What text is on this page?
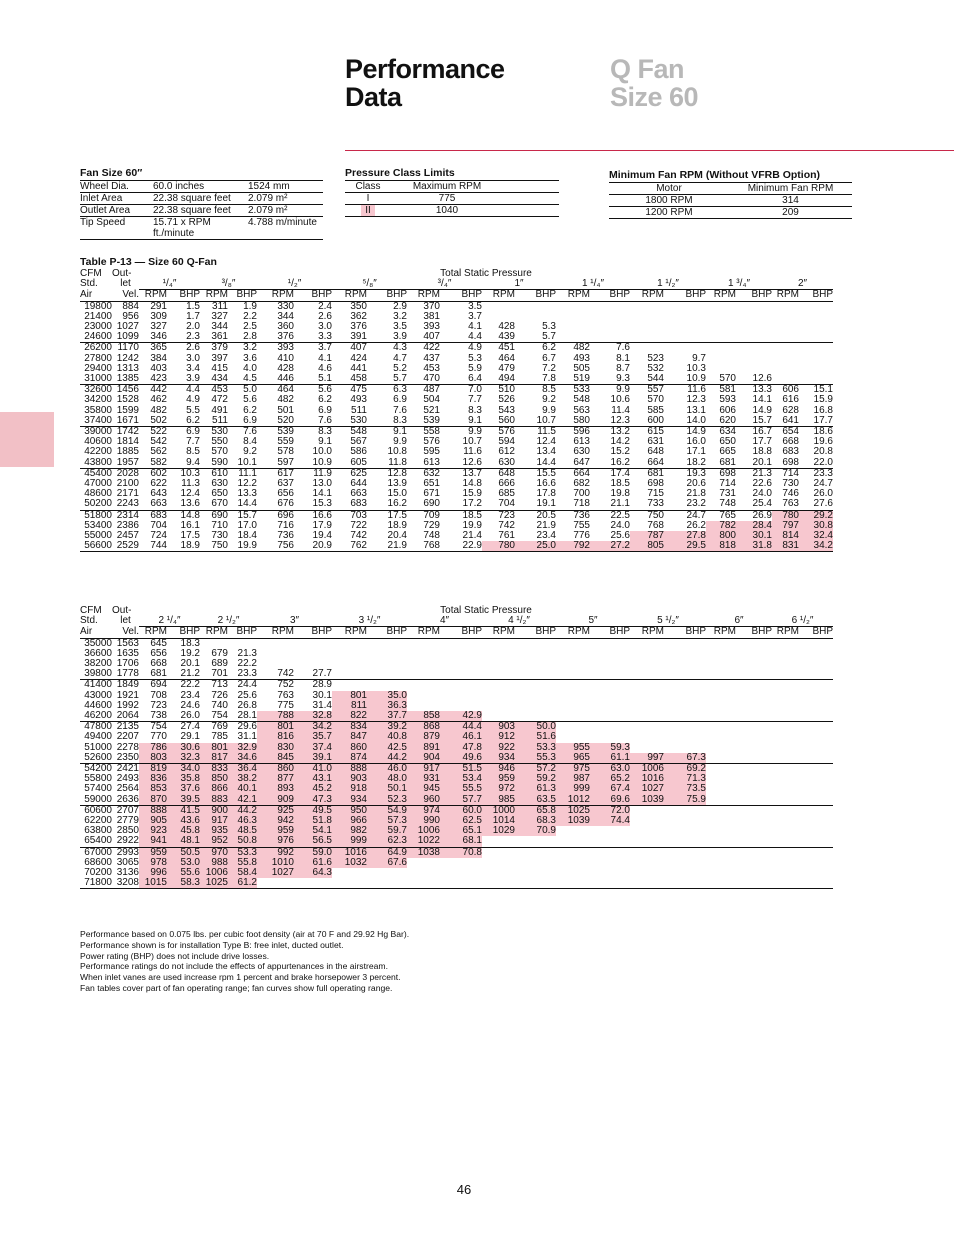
Performance
Data
Q Fan
Size 60
Fan Size 60″
Wheel Dia.	60.0 inches	1524 mm
Inlet Area	22.38 square feet	2.079 m²
Outlet Area	22.38 square feet	2.079 m²
Tip Speed	15.71 x RPM ft./minute	4.788 m/minute
Pressure Class Limits
Class	Maximum RPM	
I	775	
II	1040	
Minimum Fan RPM (Without VFRB Option)
Motor	Minimum Fan RPM
1800 RPM	314
1200 RPM	209
Table P-13 — Size 60 Q-Fan
CFM	Out-	Total Static Pressure																			
Std.	let	¹/₄″		³/₈″		¹/₂″		⁵/₈″		³/₄″		1″		1 ¹/₄″		1 ¹/₂″		1 ³/₄″		2″	
Air	Vel.	RPM	BHP	RPM	BHP	RPM	BHP	RPM	BHP	RPM	BHP	RPM	BHP	RPM	BHP	RPM	BHP	RPM	BHP	RPM	BHP
19800	884	291	1.5	311	1.9	330	2.4	350	2.9	370	3.5										
21400	956	309	1.7	327	2.2	344	2.6	362	3.2	381	3.7										
23000	1027	327	2.0	344	2.5	360	3.0	376	3.5	393	4.1	428	5.3								
24600	1099	346	2.3	361	2.8	376	3.3	391	3.9	407	4.4	439	5.7								
26200	1170	365	2.6	379	3.2	393	3.7	407	4.3	422	4.9	451	6.2	482	7.6						
27800	1242	384	3.0	397	3.6	410	4.1	424	4.7	437	5.3	464	6.7	493	8.1	523	9.7				
29400	1313	403	3.4	415	4.0	428	4.6	441	5.2	453	5.9	479	7.2	505	8.7	532	10.3				
31000	1385	423	3.9	434	4.5	446	5.1	458	5.7	470	6.4	494	7.8	519	9.3	544	10.9	570	12.6		
32600	1456	442	4.4	453	5.0	464	5.6	475	6.3	487	7.0	510	8.5	533	9.9	557	11.6	581	13.3	606	15.1
34200	1528	462	4.9	472	5.6	482	6.2	493	6.9	504	7.7	526	9.2	548	10.6	570	12.3	593	14.1	616	15.9
35800	1599	482	5.5	491	6.2	501	6.9	511	7.6	521	8.3	543	9.9	563	11.4	585	13.1	606	14.9	628	16.8
37400	1671	502	6.2	511	6.9	520	7.6	530	8.3	539	9.1	560	10.7	580	12.3	600	14.0	620	15.7	641	17.7
39000	1742	522	6.9	530	7.6	539	8.3	548	9.1	558	9.9	576	11.5	596	13.2	615	14.9	634	16.7	654	18.6
40600	1814	542	7.7	550	8.4	559	9.1	567	9.9	576	10.7	594	12.4	613	14.2	631	16.0	650	17.7	668	19.6
42200	1885	562	8.5	570	9.2	578	10.0	586	10.8	595	11.6	612	13.4	630	15.2	648	17.1	665	18.8	683	20.8
43800	1957	582	9.4	590	10.1	597	10.9	605	11.8	613	12.6	630	14.4	647	16.2	664	18.2	681	20.1	698	22.0
45400	2028	602	10.3	610	11.1	617	11.9	625	12.8	632	13.7	648	15.5	664	17.4	681	19.3	698	21.3	714	23.3
47000	2100	622	11.3	630	12.2	637	13.0	644	13.9	651	14.8	666	16.6	682	18.5	698	20.6	714	22.6	730	24.7
48600	2171	643	12.4	650	13.3	656	14.1	663	15.0	671	15.9	685	17.8	700	19.8	715	21.8	731	24.0	746	26.0
50200	2243	663	13.6	670	14.4	676	15.3	683	16.2	690	17.2	704	19.1	718	21.1	733	23.2	748	25.4	763	27.6
51800	2314	683	14.8	690	15.7	696	16.6	703	17.5	709	18.5	723	20.5	736	22.5	750	24.7	765	26.9	780	29.2
53400	2386	704	16.1	710	17.0	716	17.9	722	18.9	729	19.9	742	21.9	755	24.0	768	26.2	782	28.4	797	30.8
55000	2457	724	17.5	730	18.4	736	19.4	742	20.4	748	21.4	761	23.4	776	25.6	787	27.8	800	30.1	814	32.4
56600	2529	744	18.9	750	19.9	756	20.9	762	21.9	768	22.9	780	25.0	792	27.2	805	29.5	818	31.8	831	34.2
CFM	Out-	Total Static Pressure																			
Std.	let	2 ¹/₄″		2 ¹/₂″		3″		3 ¹/₂″		4″		4 ¹/₂″		5″		5 ¹/₂″		6″		6 ¹/₂″	
Air	Vel.	RPM	BHP	RPM	BHP	RPM	BHP	RPM	BHP	RPM	BHP	RPM	BHP	RPM	BHP	RPM	BHP	RPM	BHP	RPM	BHP
35000	1563	645	18.3																		
36600	1635	656	19.2	679	21.3																
38200	1706	668	20.1	689	22.2																
39800	1778	681	21.2	701	23.3	742	27.7														
41400	1849	694	22.2	713	24.4	752	28.9														
43000	1921	708	23.4	726	25.6	763	30.1	801	35.0												
44600	1992	723	24.6	740	26.8	775	31.4	811	36.3												
46200	2064	738	26.0	754	28.1	788	32.8	822	37.7	858	42.9										
47800	2135	754	27.4	769	29.6	801	34.2	834	39.2	868	44.4	903	50.0								
49400	2207	770	29.1	785	31.1	816	35.7	847	40.8	879	46.1	912	51.6								
51000	2278	786	30.6	801	32.9	830	37.4	860	42.5	891	47.8	922	53.3	955	59.3						
52600	2350	803	32.3	817	34.6	845	39.1	874	44.2	904	49.6	934	55.3	965	61.1	997	67.3				
54200	2421	819	34.0	833	36.4	860	41.0	888	46.0	917	51.5	946	57.2	975	63.0	1006	69.2				
55800	2493	836	35.8	850	38.2	877	43.1	903	48.0	931	53.4	959	59.2	987	65.2	1016	71.3				
57400	2564	853	37.6	866	40.1	893	45.2	918	50.1	945	55.5	972	61.3	999	67.4	1027	73.5				
59000	2636	870	39.5	883	42.1	909	47.3	934	52.3	960	57.7	985	63.5	1012	69.6	1039	75.9				
60600	2707	888	41.5	900	44.2	925	49.5	950	54.9	974	60.0	1000	65.8	1025	72.0						
62200	2779	905	43.6	917	46.3	942	51.8	966	57.3	990	62.5	1014	68.3	1039	74.4						
63800	2850	923	45.8	935	48.5	959	54.1	982	59.7	1006	65.1	1029	70.9								
65400	2922	941	48.1	952	50.8	976	56.5	999	62.3	1022	68.1										
67000	2993	959	50.5	970	53.3	992	59.0	1016	64.9	1038	70.8										
68600	3065	978	53.0	988	55.8	1010	61.6	1032	67.6												
70200	3136	996	55.6	1006	58.4	1027	64.3														
71800	3208	1015	58.3	1025	61.2																
Performance based on 0.075 lbs. per cubic foot density (air at 70 F and 29.92 Hg Bar).
Performance shown is for installation Type B: free inlet, ducted outlet.
Power rating (BHP) does not include drive losses.
Performance ratings do not include the effects of appurtenances in the airstream.
When inlet vanes are used increase rpm 1 percent and brake horsepower 3 percent.
Fan tables cover part of fan operating range; fan curves show full operating range.
46
